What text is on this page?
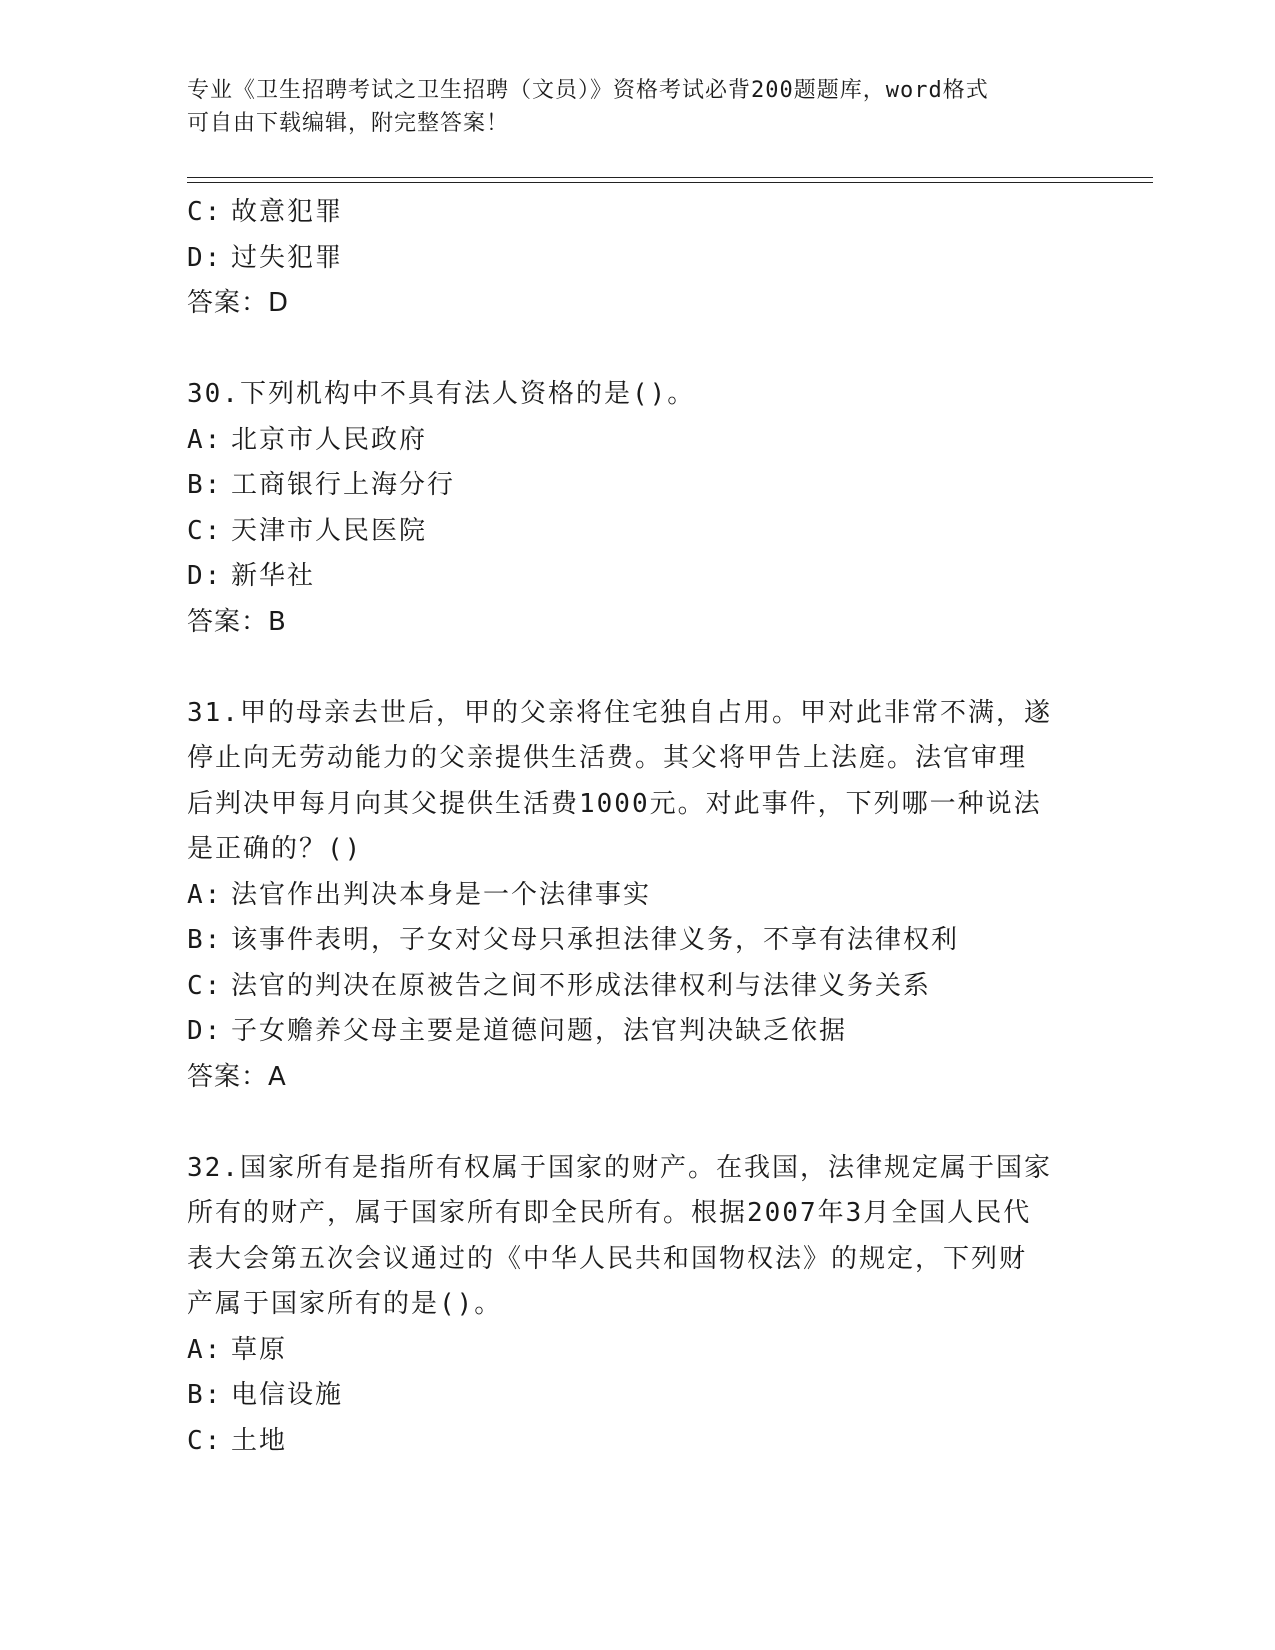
专业《卫生招聘考试之卫生招聘（文员）》资格考试必背200题题库，word格式
可自由下载编辑，附完整答案！
C: 故意犯罪
D: 过失犯罪
答案：D
30.下列机构中不具有法人资格的是()。
A: 北京市人民政府
B: 工商银行上海分行
C: 天津市人民医院
D: 新华社
答案：B
31.甲的母亲去世后，甲的父亲将住宅独自占用。甲对此非常不满，遂
停止向无劳动能力的父亲提供生活费。其父将甲告上法庭。法官审理
后判决甲每月向其父提供生活费1000元。对此事件，下列哪一种说法
是正确的？()
A: 法官作出判决本身是一个法律事实
B: 该事件表明，子女对父母只承担法律义务，不享有法律权利
C: 法官的判决在原被告之间不形成法律权利与法律义务关系
D: 子女赡养父母主要是道德问题，法官判决缺乏依据
答案：A
32.国家所有是指所有权属于国家的财产。在我国，法律规定属于国家
所有的财产，属于国家所有即全民所有。根据2007年3月全国人民代
表大会第五次会议通过的《中华人民共和国物权法》的规定，下列财
产属于国家所有的是()。
A: 草原
B: 电信设施
C: 土地
